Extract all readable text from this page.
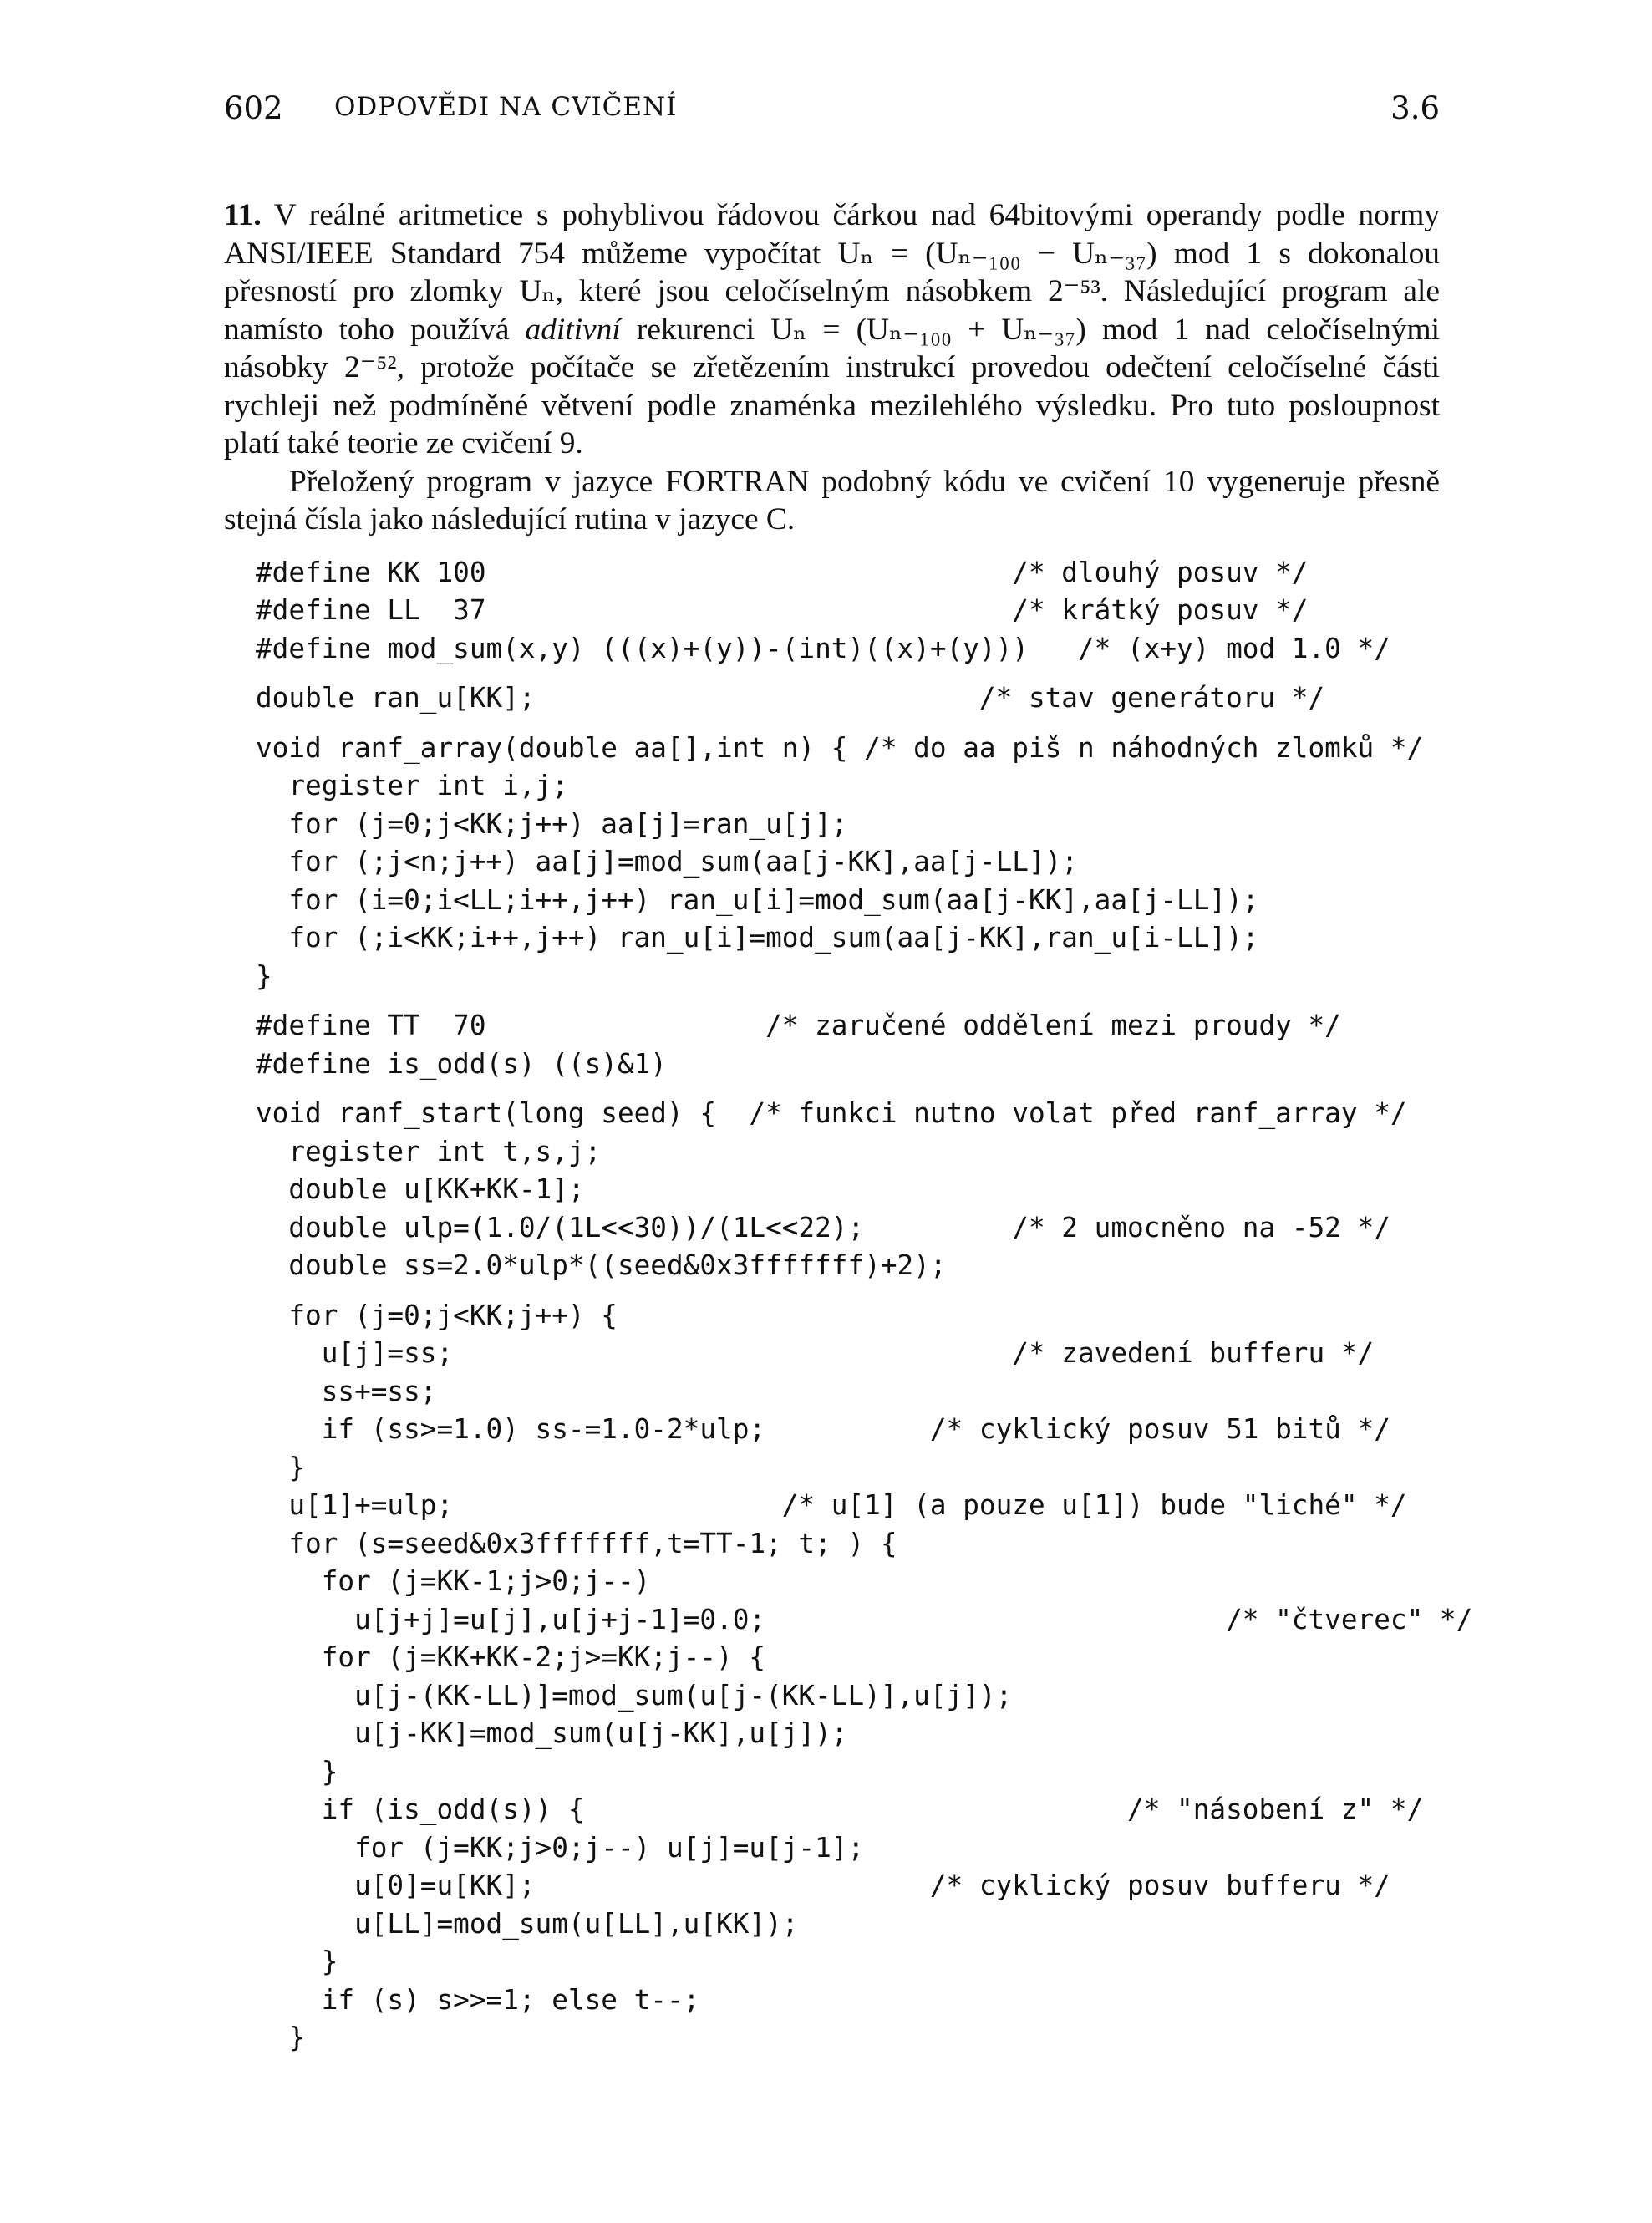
602 ODPOVĚDI NA CVIČENÍ	3.6

11. V reálné aritmetice s pohyblivou řádovou čárkou nad 64bitovými operandy podle normy ANSI/IEEE Standard 754 můžeme vypočítat Uₙ = (Uₙ₋₁₀₀ − Uₙ₋₃₇) mod 1 s dokonalou přesností pro zlomky Uₙ, které jsou celočíselným násobkem 2⁻⁵³. Následující program ale namísto toho používá aditivní rekurenci Uₙ = (Uₙ₋₁₀₀ + Uₙ₋₃₇) mod 1 nad celočíselnými násobky 2⁻⁵², protože počítače se zřetězením instrukcí provedou odečtení celočíselné části rychleji než podmíněné větvení podle znaménka mezilehlého výsledku. Pro tuto posloupnost platí také teorie ze cvičení 9.

Přeložený program v jazyce FORTRAN podobný kódu ve cvičení 10 vygeneruje přesně stejná čísla jako následující rutina v jazyce C.

#define KK 100                                /* dlouhý posuv */
#define LL  37                                /* krátký posuv */
#define mod_sum(x,y) (((x)+(y))-(int)((x)+(y)))   /* (x+y) mod 1.0 */
double ran_u[KK];                           /* stav generátoru */
void ranf_array(double aa[],int n) { /* do aa piš n náhodných zlomků */
register int i,j;
for (j=0;j<KK;j++) aa[j]=ran_u[j];
for (;j<n;j++) aa[j]=mod_sum(aa[j-KK],aa[j-LL]);
for (i=0;i<LL;i++,j++) ran_u[i]=mod_sum(aa[j-KK],aa[j-LL]);
for (;i<KK;i++,j++) ran_u[i]=mod_sum(aa[j-KK],ran_u[i-LL]);
}
#define TT  70                 /* zaručené oddělení mezi proudy */
#define is_odd(s) ((s)&1)
void ranf_start(long seed) {  /* funkci nutno volat před ranf_array */
register int t,s,j;
double u[KK+KK-1];
double ulp=(1.0/(1L<<30))/(1L<<22);         /* 2 umocněno na -52 */
double ss=2.0*ulp*((seed&0x3fffffff)+2);
for (j=0;j<KK;j++) {
u[j]=ss;                                  /* zavedení bufferu */
ss+=ss;
if (ss>=1.0) ss-=1.0-2*ulp;          /* cyklický posuv 51 bitů */
}
u[1]+=ulp;                    /* u[1] (a pouze u[1]) bude "liché" */
for (s=seed&0x3fffffff,t=TT-1; t; ) {
for (j=KK-1;j>0;j--)
u[j+j]=u[j],u[j+j-1]=0.0;                            /* "čtverec" */
for (j=KK+KK-2;j>=KK;j--) {
u[j-(KK-LL)]=mod_sum(u[j-(KK-LL)],u[j]);
u[j-KK]=mod_sum(u[j-KK],u[j]);
}
if (is_odd(s)) {                                 /* "násobení z" */
for (j=KK;j>0;j--) u[j]=u[j-1];
u[0]=u[KK];                        /* cyklický posuv bufferu */
u[LL]=mod_sum(u[LL],u[KK]);
}
if (s) s>>=1; else t--;
}
